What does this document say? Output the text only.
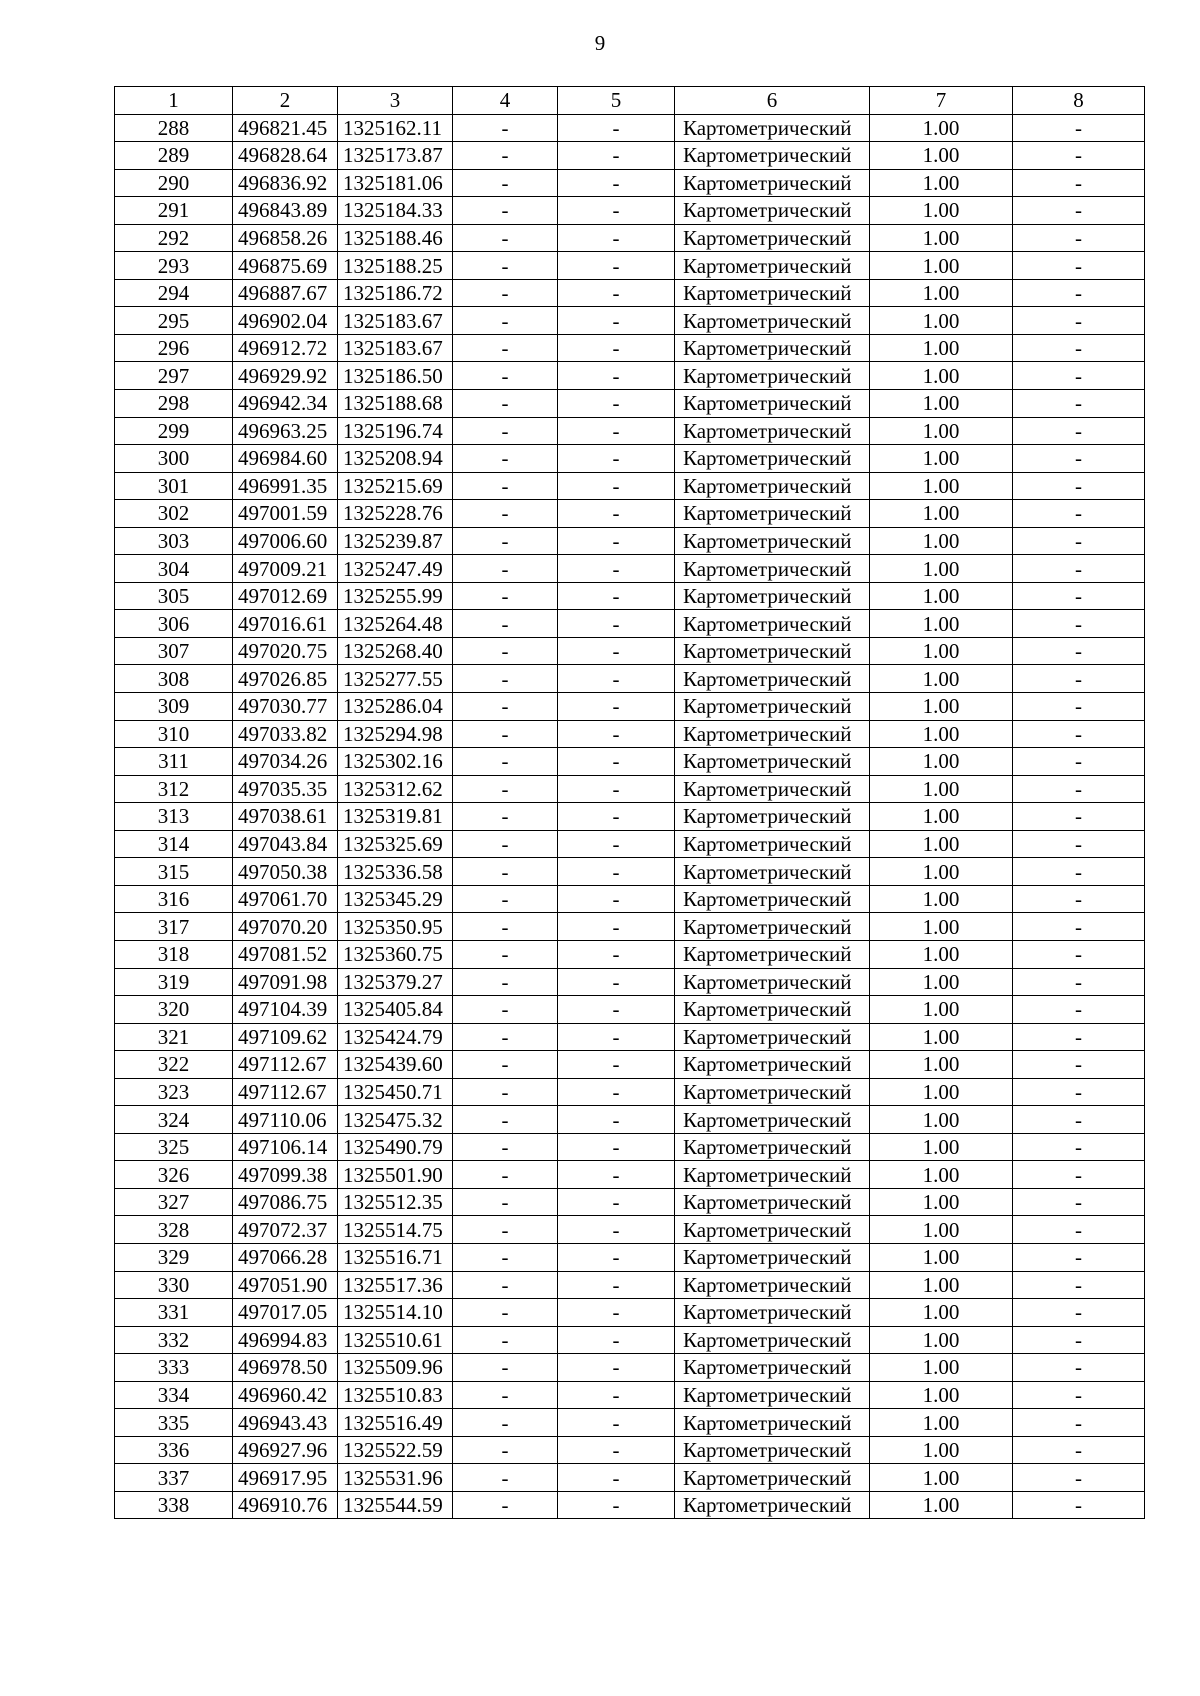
9
1	2	3	4	5	6	7	8
288	496821.45	1325162.11	-	-	Картометрический	1.00	-
289	496828.64	1325173.87	-	-	Картометрический	1.00	-
290	496836.92	1325181.06	-	-	Картометрический	1.00	-
291	496843.89	1325184.33	-	-	Картометрический	1.00	-
292	496858.26	1325188.46	-	-	Картометрический	1.00	-
293	496875.69	1325188.25	-	-	Картометрический	1.00	-
294	496887.67	1325186.72	-	-	Картометрический	1.00	-
295	496902.04	1325183.67	-	-	Картометрический	1.00	-
296	496912.72	1325183.67	-	-	Картометрический	1.00	-
297	496929.92	1325186.50	-	-	Картометрический	1.00	-
298	496942.34	1325188.68	-	-	Картометрический	1.00	-
299	496963.25	1325196.74	-	-	Картометрический	1.00	-
300	496984.60	1325208.94	-	-	Картометрический	1.00	-
301	496991.35	1325215.69	-	-	Картометрический	1.00	-
302	497001.59	1325228.76	-	-	Картометрический	1.00	-
303	497006.60	1325239.87	-	-	Картометрический	1.00	-
304	497009.21	1325247.49	-	-	Картометрический	1.00	-
305	497012.69	1325255.99	-	-	Картометрический	1.00	-
306	497016.61	1325264.48	-	-	Картометрический	1.00	-
307	497020.75	1325268.40	-	-	Картометрический	1.00	-
308	497026.85	1325277.55	-	-	Картометрический	1.00	-
309	497030.77	1325286.04	-	-	Картометрический	1.00	-
310	497033.82	1325294.98	-	-	Картометрический	1.00	-
311	497034.26	1325302.16	-	-	Картометрический	1.00	-
312	497035.35	1325312.62	-	-	Картометрический	1.00	-
313	497038.61	1325319.81	-	-	Картометрический	1.00	-
314	497043.84	1325325.69	-	-	Картометрический	1.00	-
315	497050.38	1325336.58	-	-	Картометрический	1.00	-
316	497061.70	1325345.29	-	-	Картометрический	1.00	-
317	497070.20	1325350.95	-	-	Картометрический	1.00	-
318	497081.52	1325360.75	-	-	Картометрический	1.00	-
319	497091.98	1325379.27	-	-	Картометрический	1.00	-
320	497104.39	1325405.84	-	-	Картометрический	1.00	-
321	497109.62	1325424.79	-	-	Картометрический	1.00	-
322	497112.67	1325439.60	-	-	Картометрический	1.00	-
323	497112.67	1325450.71	-	-	Картометрический	1.00	-
324	497110.06	1325475.32	-	-	Картометрический	1.00	-
325	497106.14	1325490.79	-	-	Картометрический	1.00	-
326	497099.38	1325501.90	-	-	Картометрический	1.00	-
327	497086.75	1325512.35	-	-	Картометрический	1.00	-
328	497072.37	1325514.75	-	-	Картометрический	1.00	-
329	497066.28	1325516.71	-	-	Картометрический	1.00	-
330	497051.90	1325517.36	-	-	Картометрический	1.00	-
331	497017.05	1325514.10	-	-	Картометрический	1.00	-
332	496994.83	1325510.61	-	-	Картометрический	1.00	-
333	496978.50	1325509.96	-	-	Картометрический	1.00	-
334	496960.42	1325510.83	-	-	Картометрический	1.00	-
335	496943.43	1325516.49	-	-	Картометрический	1.00	-
336	496927.96	1325522.59	-	-	Картометрический	1.00	-
337	496917.95	1325531.96	-	-	Картометрический	1.00	-
338	496910.76	1325544.59	-	-	Картометрический	1.00	-
